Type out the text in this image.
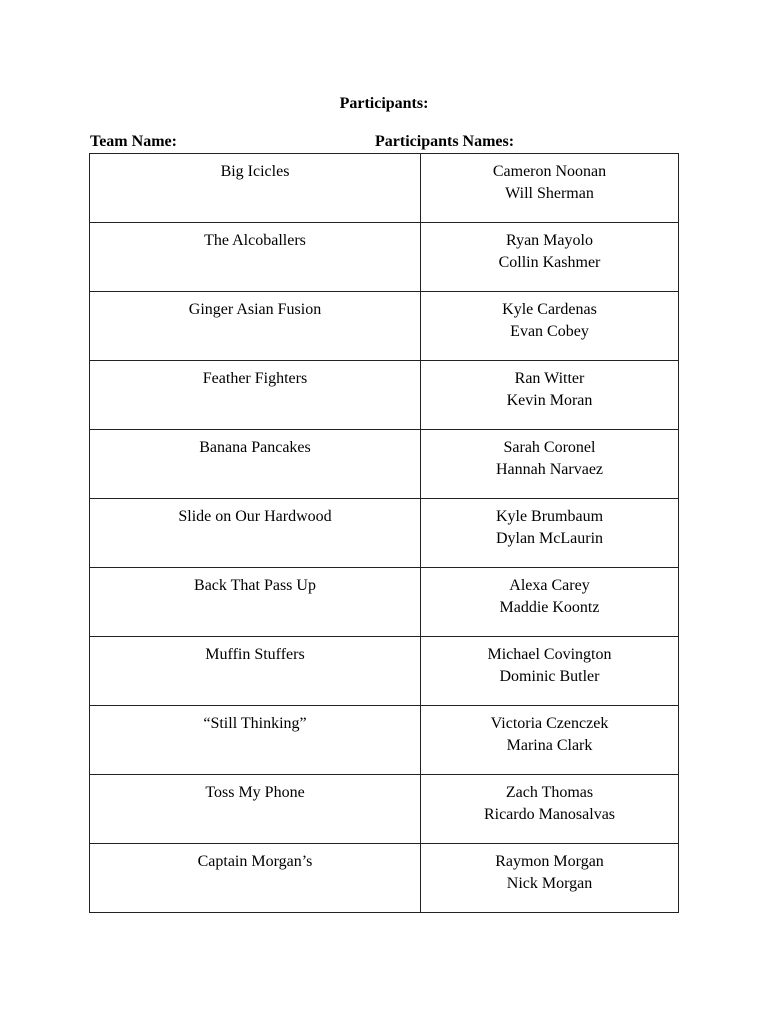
Participants:
Team Name:	Participants Names:
Big Icicles	Cameron Noonan
Will Sherman

The Alcoballers	Ryan Mayolo
Collin Kashmer

Ginger Asian Fusion	Kyle Cardenas
Evan Cobey

Feather Fighters	Ran Witter
Kevin Moran

Banana Pancakes	Sarah Coronel
Hannah Narvaez

Slide on Our Hardwood	Kyle Brumbaum
Dylan McLaurin

Back That Pass Up	Alexa Carey
Maddie Koontz

Muffin Stuffers	Michael Covington
Dominic Butler

“Still Thinking”	Victoria Czenczek
Marina Clark

Toss My Phone	Zach Thomas
Ricardo Manosalvas

Captain Morgan’s	Raymon Morgan
Nick Morgan
